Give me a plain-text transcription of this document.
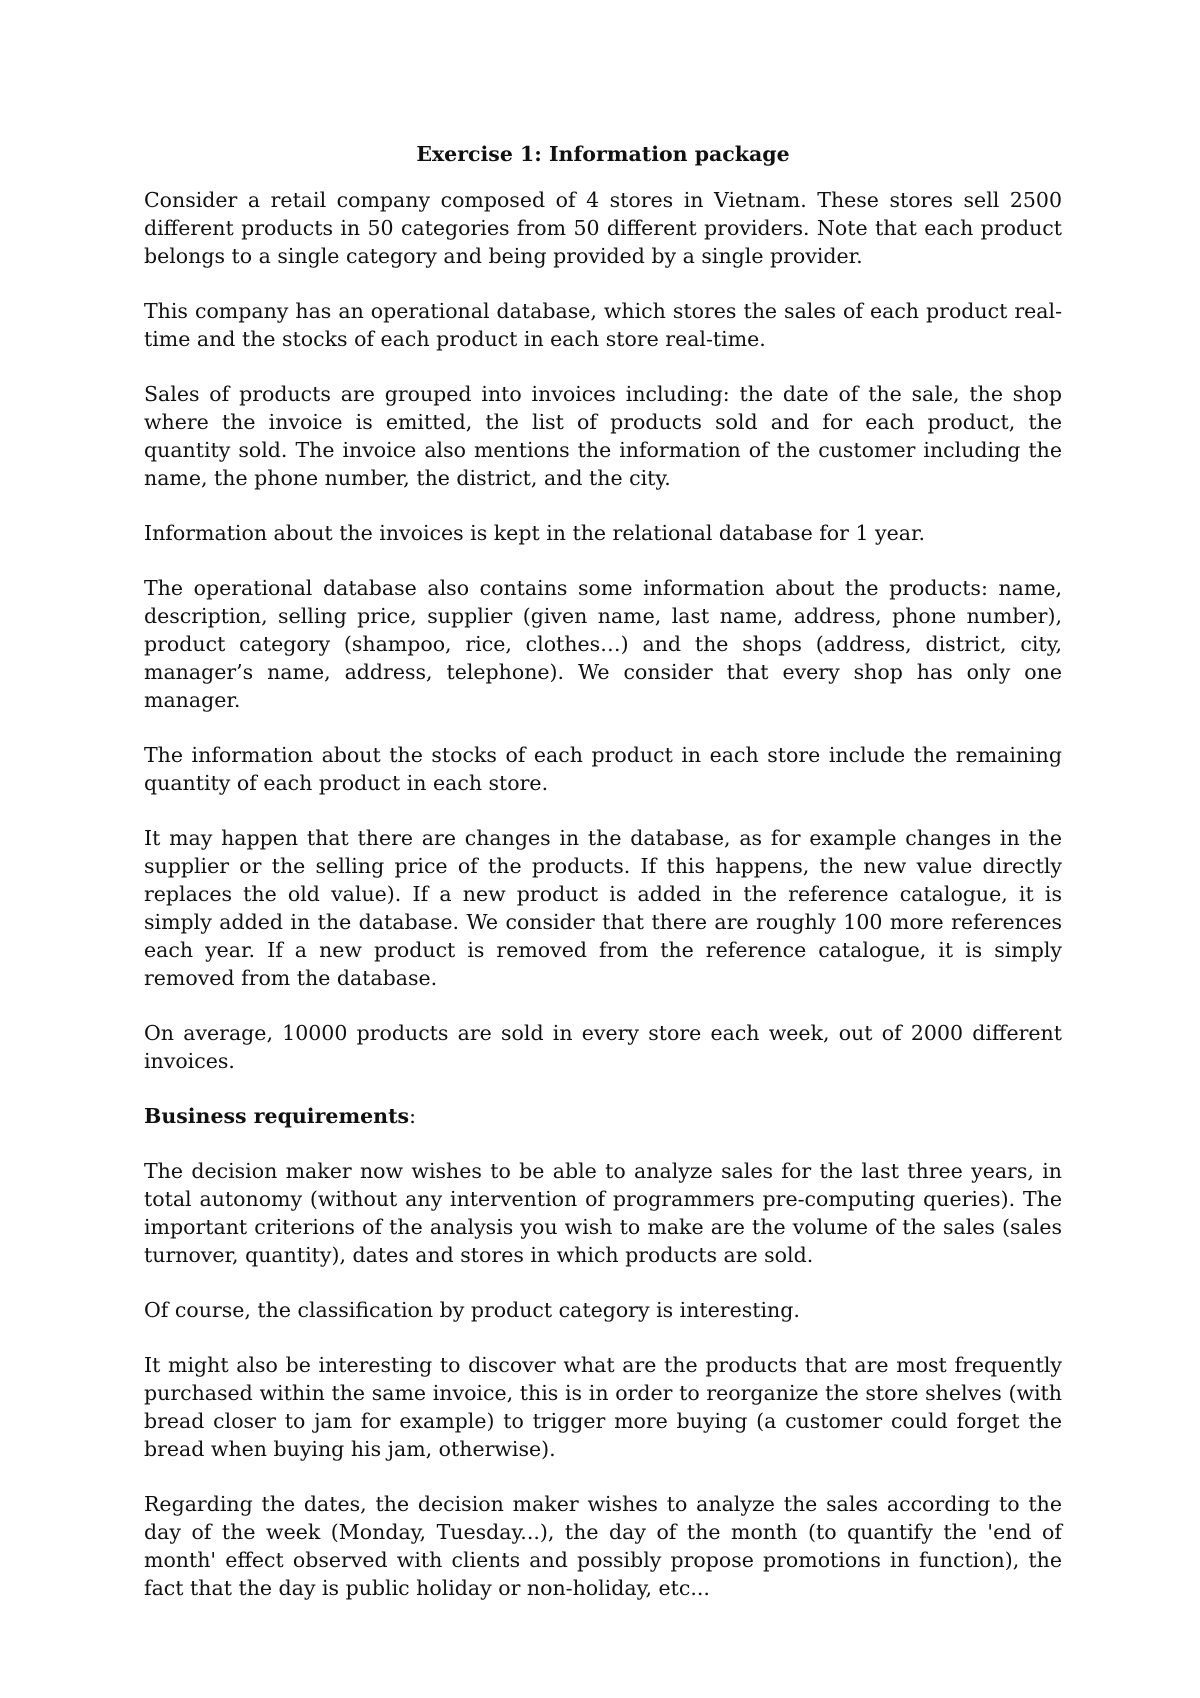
Exercise 1: Information package

Consider a retail company composed of 4 stores in Vietnam. These stores sell 2500 different products in 50 categories from 50 different providers. Note that each product belongs to a single category and being provided by a single provider.

This company has an operational database, which stores the sales of each product real-time and the stocks of each product in each store real-time.

Sales of products are grouped into invoices including: the date of the sale, the shop where the invoice is emitted, the list of products sold and for each product, the quantity sold. The invoice also mentions the information of the customer including the name, the phone number, the district, and the city.

Information about the invoices is kept in the relational database for 1 year.

The operational database also contains some information about the products: name, description, selling price, supplier (given name, last name, address, phone number), product category (shampoo, rice, clothes…) and the shops (address, district, city, manager’s name, address, telephone). We consider that every shop has only one manager.

The information about the stocks of each product in each store include the remaining quantity of each product in each store.

It may happen that there are changes in the database, as for example changes in the supplier or the selling price of the products. If this happens, the new value directly replaces the old value). If a new product is added in the reference catalogue, it is simply added in the database. We consider that there are roughly 100 more references each year. If a new product is removed from the reference catalogue, it is simply removed from the database.

On average, 10000 products are sold in every store each week, out of 2000 different invoices.

Business requirements:

The decision maker now wishes to be able to analyze sales for the last three years, in total autonomy (without any intervention of programmers pre-computing queries). The important criterions of the analysis you wish to make are the volume of the sales (sales turnover, quantity), dates and stores in which products are sold.

Of course, the classification by product category is interesting.

It might also be interesting to discover what are the products that are most frequently purchased within the same invoice, this is in order to reorganize the store shelves (with bread closer to jam for example) to trigger more buying (a customer could forget the bread when buying his jam, otherwise).

Regarding the dates, the decision maker wishes to analyze the sales according to the day of the week (Monday, Tuesday...), the day of the month (to quantify the 'end of month' effect observed with clients and possibly propose promotions in function), the fact that the day is public holiday or non-holiday, etc...
